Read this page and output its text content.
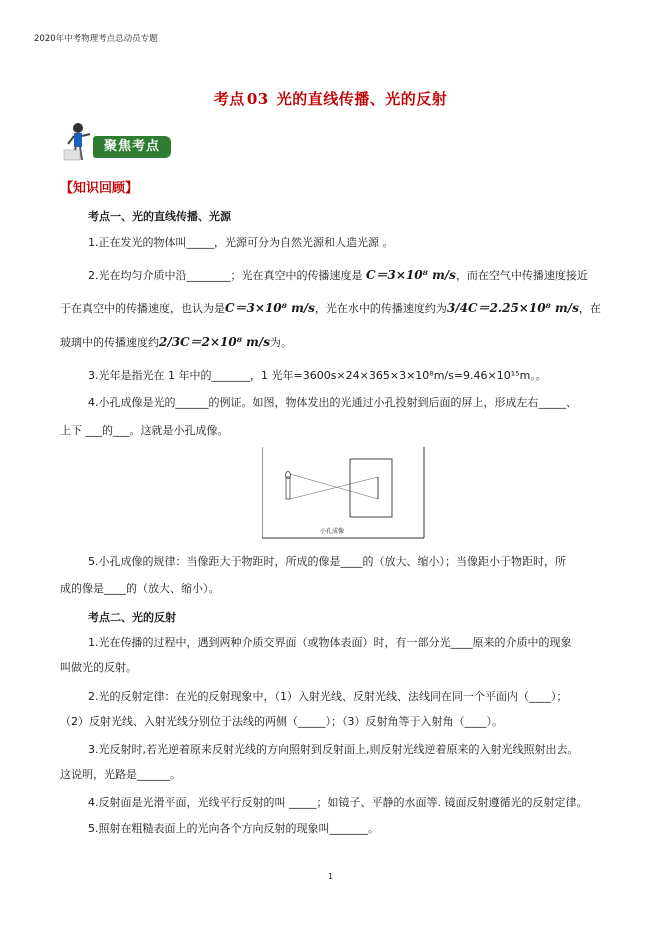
2020年中考物理考点总动员专题
考点 03 光的直线传播、光的反射
聚焦考点
【知识回顾】
考点一、光的直线传播、光源
1.正在发光的物体叫_____，光源可分为自然光源和人造光源 。
2.光在均匀介质中沿________；光在真空中的传播速度是 C＝3×10⁸ m/s，而在空气中传播速度接近
于在真空中的传播速度，也认为是C＝3×10⁸ m/s，光在水中的传播速度约为3/4C＝2.25×10⁸ m/s，在
玻璃中的传播速度约2/3C＝2×10⁸ m/s为。
3.光年是指光在 1 年中的_______，1 光年=3600s×24×365×3×10⁸m/s=9.46×10¹⁵m。。
4.小孔成像是光的______的例证。如图，物体发出的光通过小孔投射到后面的屏上，形成左右_____、
上下 ___的___。这就是小孔成像。
小孔成像
5.小孔成像的规律：当像距大于物距时，所成的像是____的（放大、缩小）；当像距小于物距时，所
成的像是____的（放大、缩小）。
考点二、光的反射
1.光在传播的过程中，遇到两种介质交界面（或物体表面）时，有一部分光____原来的介质中的现象
叫做光的反射。
2.光的反射定律：在光的反射现象中，（1）入射光线、反射光线、法线同在同一个平面内（____）；
（2）反射光线、入射光线分别位于法线的两侧（_____）；（3）反射角等于入射角（____）。
3.光反射时,若光逆着原来反射光线的方向照射到反射面上,则反射光线逆着原来的入射光线照射出去。
这说明，光路是______。
4.反射面是光滑平面，光线平行反射的叫 _____；如镜子、平静的水面等. 镜面反射遵循光的反射定律。
5.照射在粗糙表面上的光向各个方向反射的现象叫_______。
1
